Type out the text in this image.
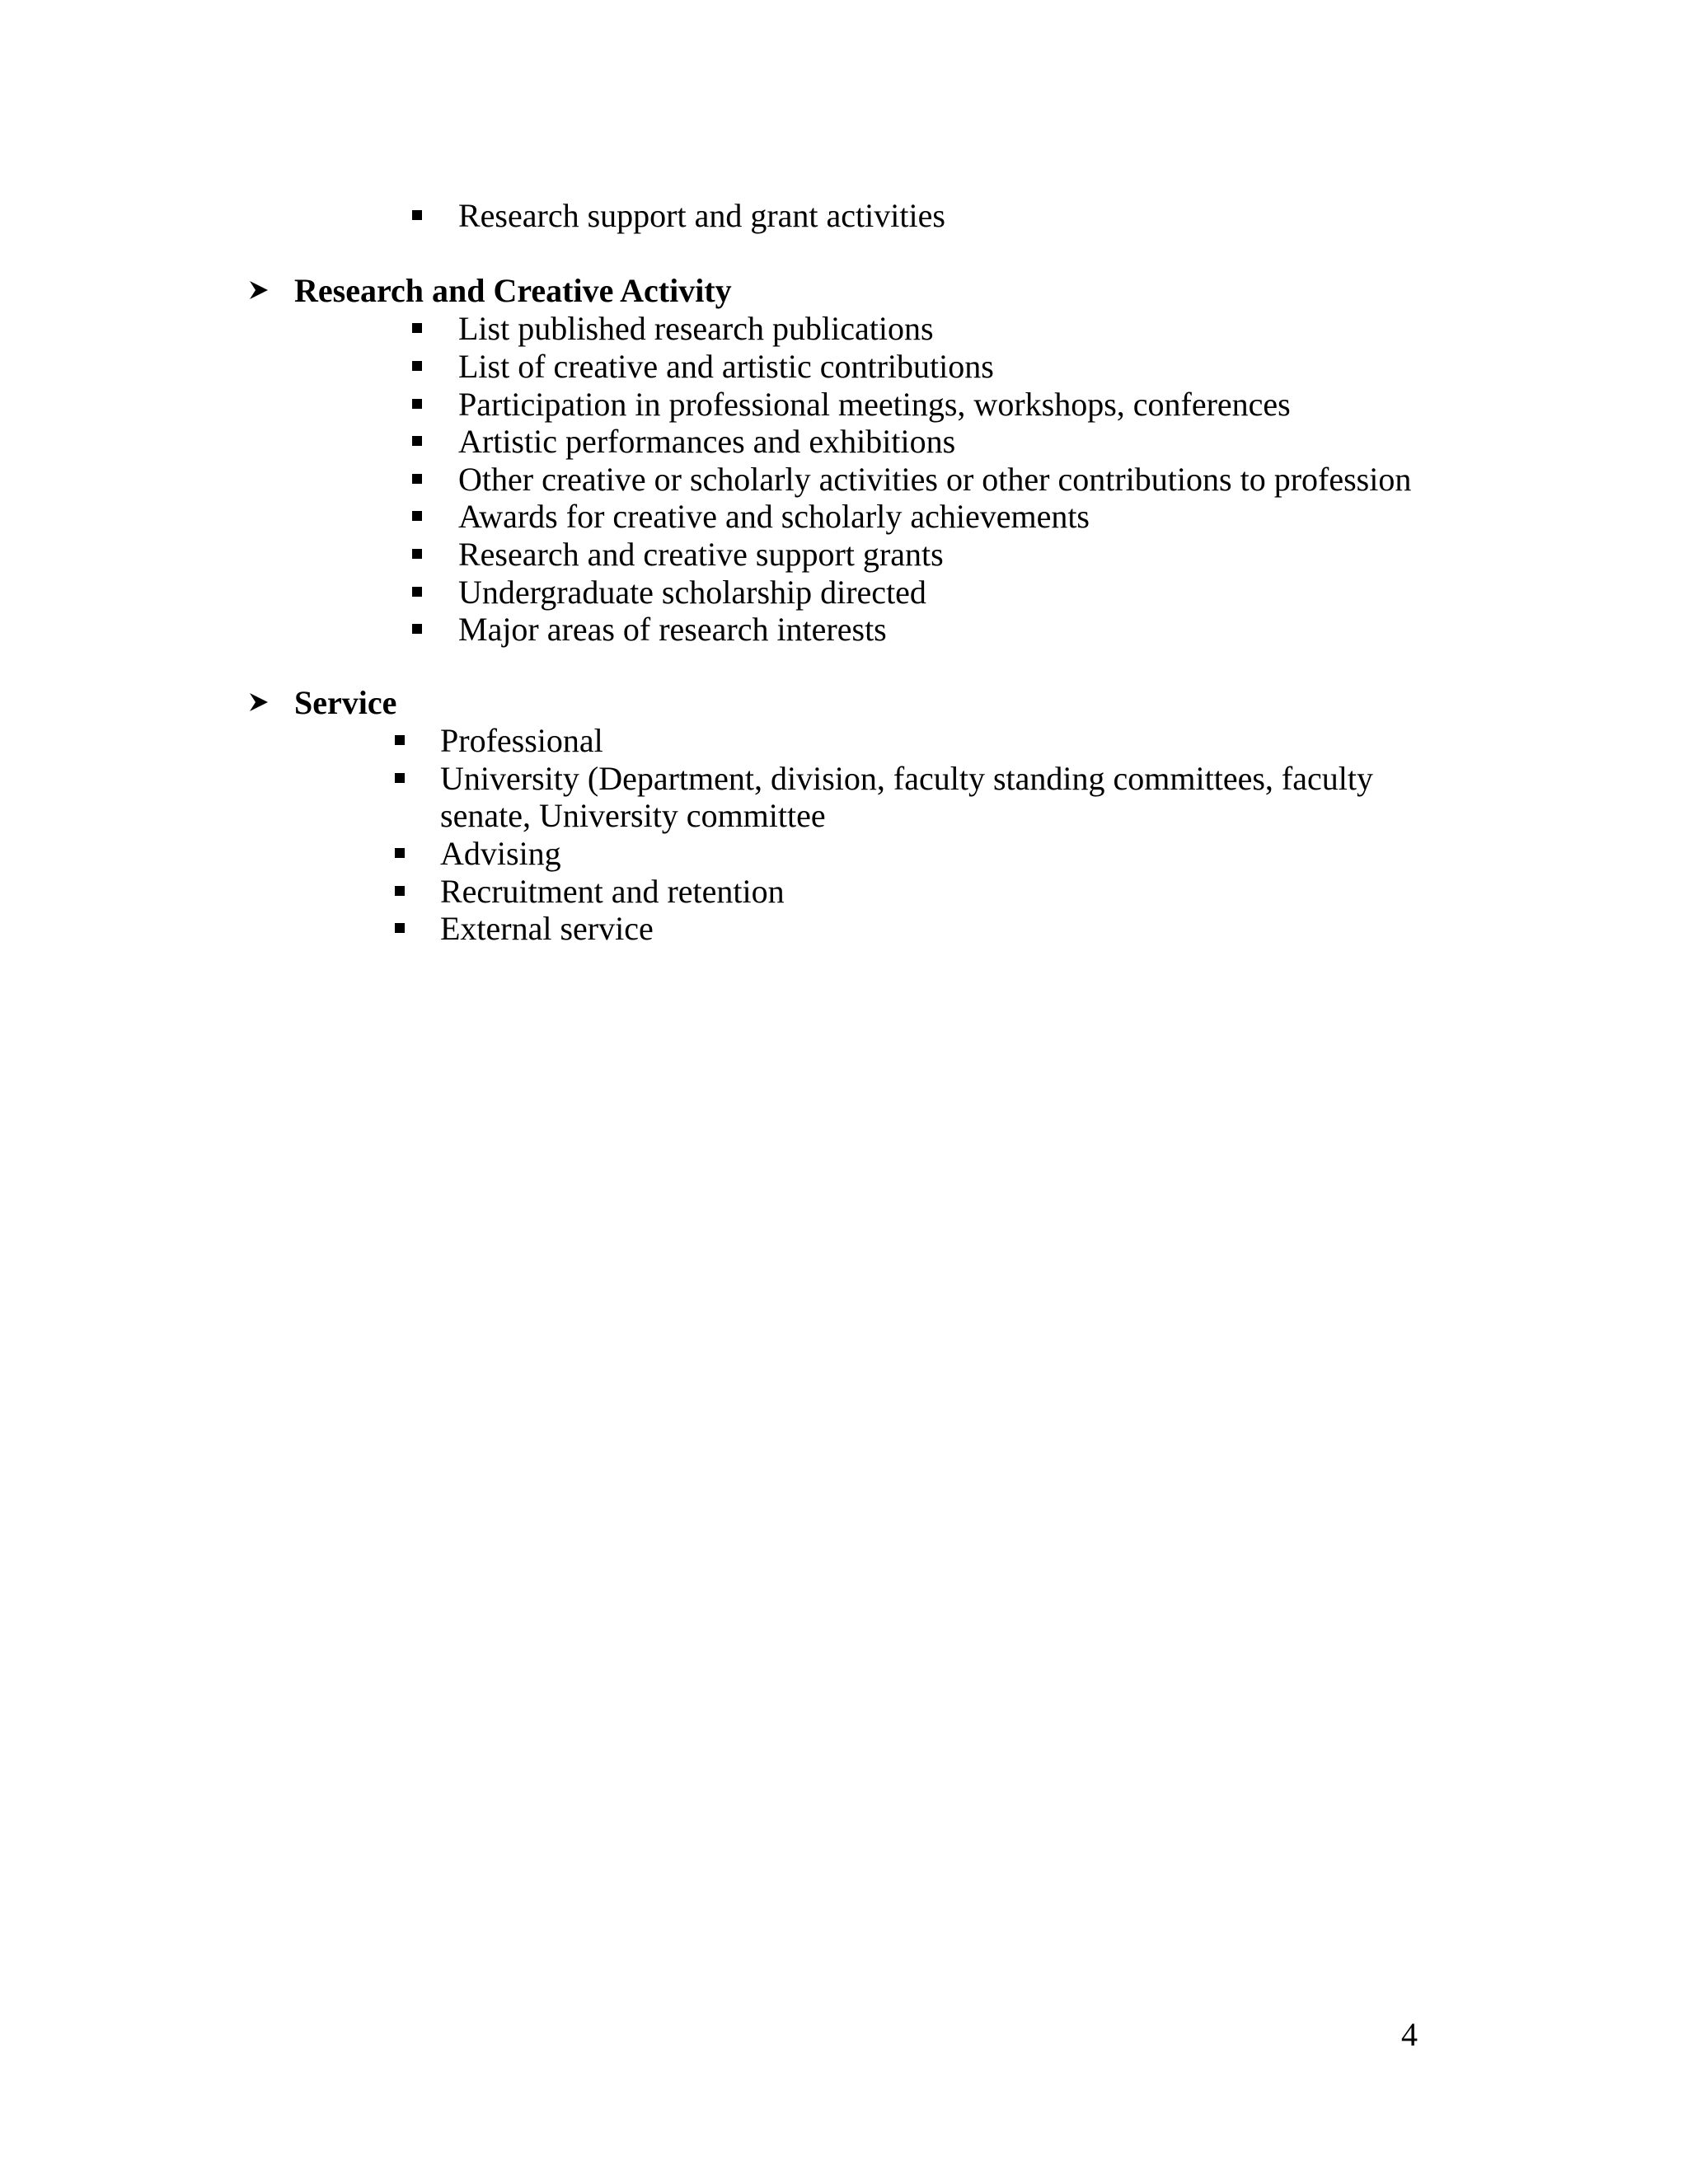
Research support and grant activities
Research and Creative Activity
List published research publications
List of creative and artistic contributions
Participation in professional meetings, workshops, conferences
Artistic performances and exhibitions
Other creative or scholarly activities or other contributions to profession
Awards for creative and scholarly achievements
Research and creative support grants
Undergraduate scholarship directed
Major areas of research interests
Service
Professional
University (Department, division, faculty standing committees, faculty
senate, University committee
Advising
Recruitment and retention
External service
4
